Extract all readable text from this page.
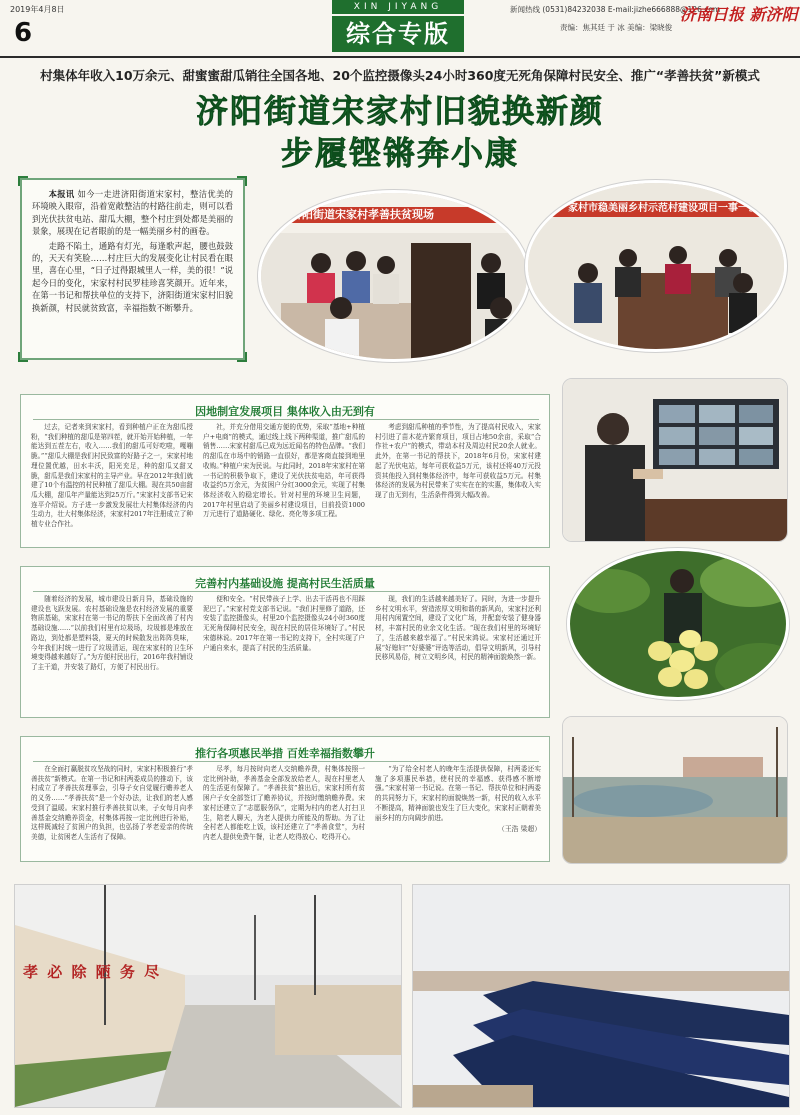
2019年4月8日
6
XIN JIYANG
综合专版
新闻热线 (0531)84232038 E-mail:jizhe666888@126.com
责编：焦其廷 于 冰 美编：梁晓俊
济南日报 新济阳
村集体年收入10万余元、甜蜜蜜甜瓜销往全国各地、20个监控摄像头24小时360度无死角保障村民安全、推广“孝善扶贫”新模式
济阳街道宋家村旧貌换新颜
步履铿锵奔小康

本报讯 如今一走进济阳街道宋家村，整洁优美的环境映入眼帘，沿着宽敞整洁的村路往前走，则可以看到光伏扶贫电站、甜瓜大棚，整个村庄到处都是美丽的景象，展现在记者眼前的是一幅美丽乡村的画卷。

走路不陷土，通路有灯光，每逢歌声起，腰也鼓鼓的，天天有笑脸……村庄巨大的发展变化让村民看在眼里，喜在心里，“日子过得跟城里人一样，美的很！”说起今日的变化，宋家村村民罗桂珍喜笑颜开。近年来，在第一书记和帮扶单位的支持下，济阳街道宋家村旧貌换新颜，村民就贫致富，幸福指数不断攀升。

济阳街道宋家村孝善扶贫现场	家村市稳美丽乡村示范村建设项目一事一议
因地制宜发展项目 集体收入由无到有

过去，记者来到宋家村，看到种植户正在为甜瓜授粉，“我们种植的甜瓜是第四茬，就开始开始种植，一年能达到五茬左右，收入……我们的甜瓜可好吃啦，嘎嘣脆。”“甜瓜大棚是我们村民致富的好路子之一，宋家村地理位置优越，田水丰沃，阳光充足，种的甜瓜又甜又脆，甜瓜是我们宋家村的主导产业。早在2012年我们就建了10个有温控的村民种植了甜瓜大棚。现在共50亩甜瓜大棚，甜瓜年产量能达到25万斤。”宋家村支部书记宋连平介绍说。方子进一步激发发展壮大村集体经济的内生动力，壮大村集体经济，宋家村2017年注册成立了种植专业合作社。

社，并充分借用交通方便的优势，采取“基地+种植户+电商”的模式，通过线上线下两种渠道，推广甜瓜的销售……宋家村甜瓜已成为远近闻名的特色品牌。“我们的甜瓜在市场中的销路一直很好，都是客商直接到地里收购。”种植户宋为民说。与此同时，2018年宋家村在第一书记的积极争取下，建设了光伏扶贫电站，年可获得收益约5万余元，为贫困户分红3000余元，实现了村集体经济收入的稳定增长。针对村里的环境卫生问题，2017年村里启动了美丽乡村建设项目，目前投资1000万元进行了道路硬化、绿化、亮化等多项工程。

考虑到甜瓜种植的季节性，为了提高村民收入，宋家村引进了苗木花卉繁育项目，项目占地50余亩，采取“合作社+农户”的模式，带动本村及周边村民20余人就业。此外，在第一书记的帮扶下，2018年6月份，宋家村建起了光伏电站，每年可获收益5万元，该村还将40万元投资其他投入到村集体经济中，每年可获收益5万元。村集体经济的发展为村民带来了实实在在的实惠，集体收入实现了由无到有，生活条件得到大幅改善。

完善村内基础设施 提高村民生活质量

随着经济的发展，城市建设日新月异，基础设施的建设也飞跃发展。农村基础设施是农村经济发展的重要物质基础，宋家村在第一书记的帮扶下全面改善了村内基础设施……“以前我们村里有垃圾场，垃圾都是堆放在路边，到处都是塑料袋，夏天的时候散发出阵阵臭味，今年我们村统一进行了垃圾清运，现在宋家村的卫生环境变得越来越好了。”为方便村民出行，2016年我村铺设了主干道，并安装了路灯，方便了村民出行。

便和安全。“村民带孩子上学、出去干活再也不用踩泥巴了。”宋家村党支部书记说。“我们村里修了道路，还安装了监控摄像头，村里20个监控摄像头24小时360度无死角保障村民安全，现在村民的居住环境好了。”村民宋德林说。2017年在第一书记的支持下，全村实现了户户通自来水，提高了村民的生活质量。

现，我们的生活越来越美好了。同时，为进一步提升乡村文明水平，营造浓厚文明和谐的新风尚，宋家村还利用村内闲置空间，建设了文化广场，并配套安装了健身器材，丰富村民的业余文化生活。“现在我们村里的环境好了，生活越来越幸福了。”村民宋鸿说。宋家村还通过开展“好媳妇”“好婆婆”评选等活动，倡导文明新风，引导村民移风易俗，树立文明乡风，村民的精神面貌焕然一新。

推行各项惠民举措 百姓幸福指数攀升

在全面打赢脱贫攻坚战的同时，宋家村积极推行“孝善扶贫”新模式。在第一书记和村两委成员的推动下，该村成立了孝善扶贫理事会，引导子女自觉履行赡养老人的义务……“孝善扶贫”是一个好办法，让我们的老人感受到了温暖。宋家村推行孝善扶贫以来，子女每月向孝善基金交纳赡养资金，村集体再按一定比例进行补贴，这样既减轻了贫困户的负担，也弘扬了孝老爱亲的传统美德，让贫困老人生活有了保障。

尽孝，每月按时向老人交纳赡养费，村集体按照一定比例补助，孝善基金全部发放给老人，现在村里老人的生活更有保障了。“孝善扶贫”推出后，宋家村所有贫困户子女全部签订了赡养协议，并按时缴纳赡养费。宋家村还建立了“志愿服务队”，定期为村内的老人打扫卫生，陪老人聊天，为老人提供力所能及的帮助。为了让全村老人都能吃上饭，该村还建立了“孝善食堂”，为村内老人提供免费午餐，让老人吃得放心、吃得开心。

“为了给全村老人的晚年生活提供保障，村两委还实施了多项惠民举措，使村民的幸福感、获得感不断增强。”宋家村第一书记说。在第一书记、帮扶单位和村两委的共同努力下，宋家村的面貌焕然一新，村民的收入水平不断提高，精神面貌也发生了巨大变化，宋家村正朝着美丽乡村的方向阔步前进。

（王浩 梁超）
孝 必 除 陋 务 尽
